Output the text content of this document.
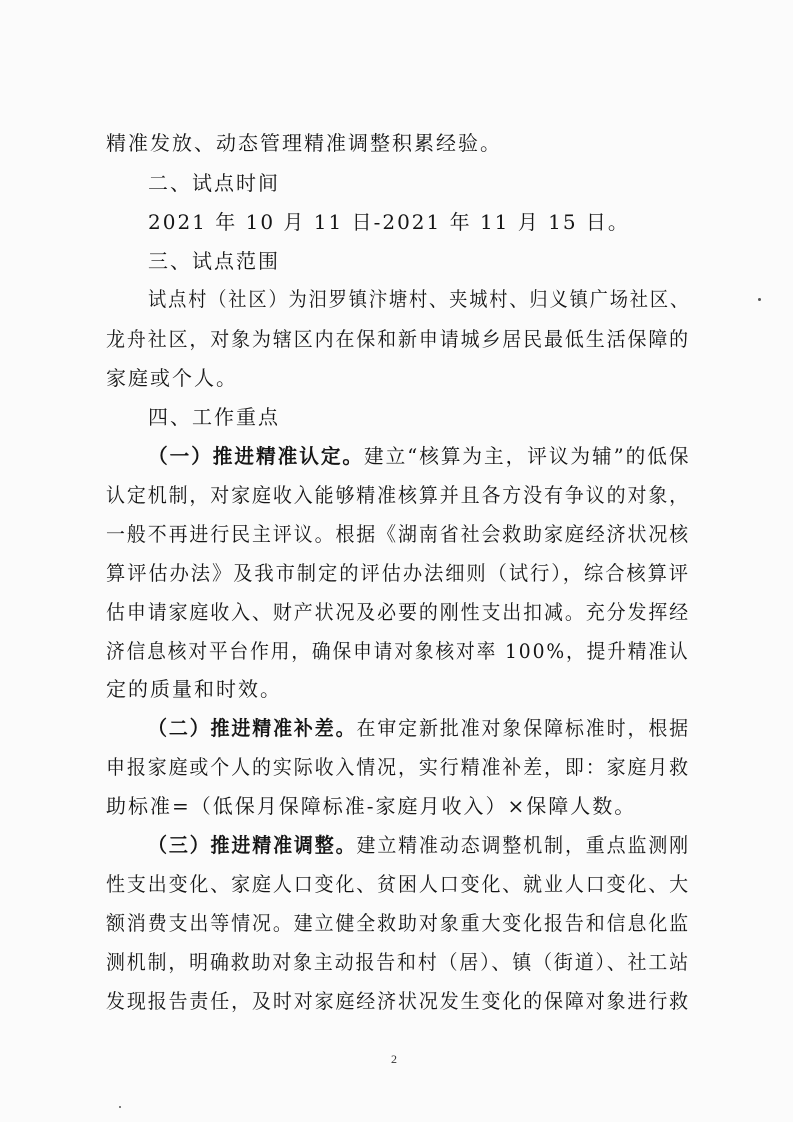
精准发放、动态管理精准调整积累经验。
二、试点时间
2021 年 10 月 11 日-2021 年 11 月 15 日。
三、试点范围
试点村（社区）为汨罗镇汴塘村、夹城村、归义镇广场社区、
龙舟社区，对象为辖区内在保和新申请城乡居民最低生活保障的
家庭或个人。
四、工作重点
（一）推进精准认定。建立“核算为主，评议为辅”的低保
认定机制，对家庭收入能够精准核算并且各方没有争议的对象，
一般不再进行民主评议。根据《湖南省社会救助家庭经济状况核
算评估办法》及我市制定的评估办法细则（试行），综合核算评
估申请家庭收入、财产状况及必要的刚性支出扣减。充分发挥经
济信息核对平台作用，确保申请对象核对率 100%，提升精准认
定的质量和时效。
（二）推进精准补差。在审定新批准对象保障标准时，根据
申报家庭或个人的实际收入情况，实行精准补差，即：家庭月救
助标准=（低保月保障标准-家庭月收入）×保障人数。
（三）推进精准调整。建立精准动态调整机制，重点监测刚
性支出变化、家庭人口变化、贫困人口变化、就业人口变化、大
额消费支出等情况。建立健全救助对象重大变化报告和信息化监
测机制，明确救助对象主动报告和村（居）、镇（街道）、社工站
发现报告责任，及时对家庭经济状况发生变化的保障对象进行救
2
